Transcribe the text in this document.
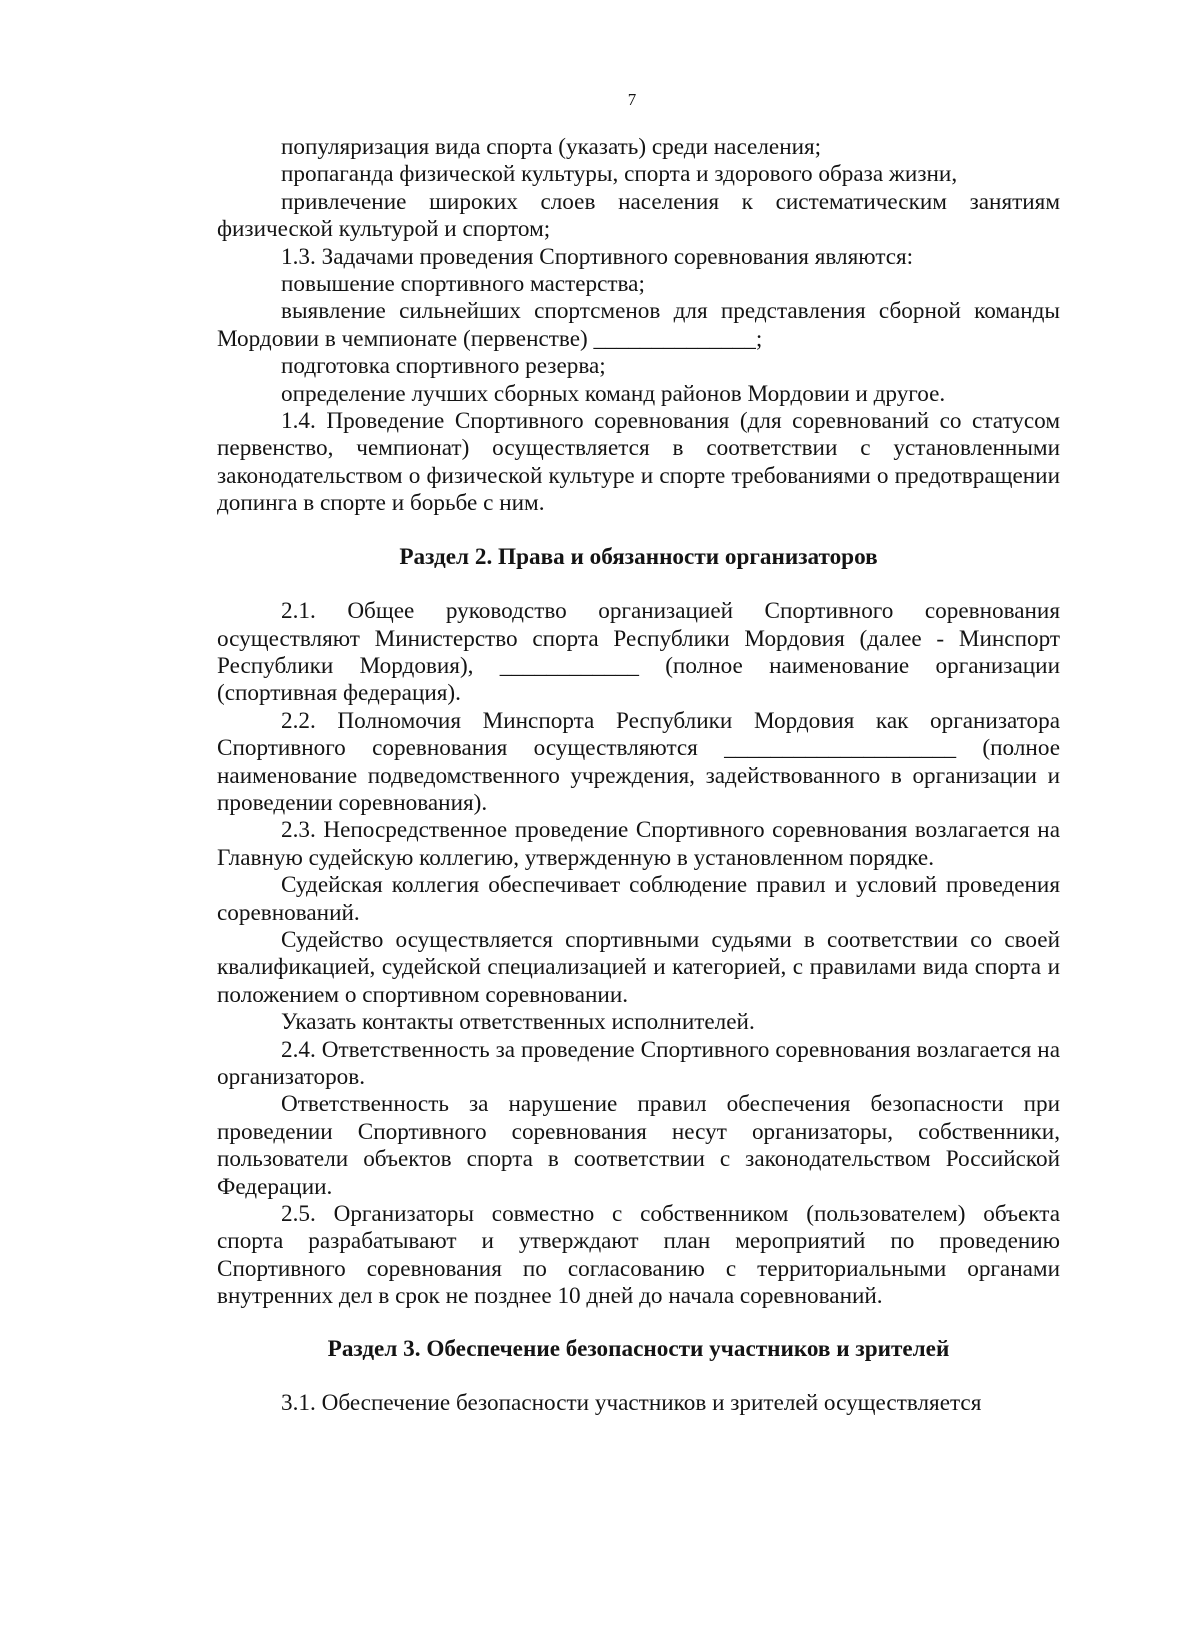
7

популяризация вида спорта (указать) среди населения;

пропаганда физической культуры, спорта и здорового образа жизни,

привлечение широких слоев населения к систематическим занятиям физической культурой и спортом;

1.3. Задачами проведения Спортивного соревнования являются:

повышение спортивного мастерства;

выявление сильнейших спортсменов для представления сборной команды Мордовии в чемпионате (первенстве) ______________;

подготовка спортивного резерва;

определение лучших сборных команд районов Мордовии и другое.

1.4. Проведение Спортивного соревнования (для соревнований со статусом первенство, чемпионат) осуществляется в соответствии с установленными законодательством о физической культуре и спорте требованиями о предотвращении допинга в спорте и борьбе с ним.

Раздел 2. Права и обязанности организаторов

2.1. Общее руководство организацией Спортивного соревнования осуществляют Министерство спорта Республики Мордовия (далее - Минспорт Республики Мордовия), ____________ (полное наименование организации (спортивная федерация).

2.2. Полномочия Минспорта Республики Мордовия как организатора Спортивного соревнования осуществляются ____________________ (полное наименование подведомственного учреждения, задействованного в организации и проведении соревнования).

2.3. Непосредственное проведение Спортивного соревнования возлагается на Главную судейскую коллегию, утвержденную в установленном порядке.

Судейская коллегия обеспечивает соблюдение правил и условий проведения соревнований.

Судейство осуществляется спортивными судьями в соответствии со своей квалификацией, судейской специализацией и категорией, с правилами вида спорта и положением о спортивном соревновании.

Указать контакты ответственных исполнителей.

2.4. Ответственность за проведение Спортивного соревнования возлагается на организаторов.

Ответственность за нарушение правил обеспечения безопасности при проведении Спортивного соревнования несут организаторы, собственники, пользователи объектов спорта в соответствии с законодательством Российской Федерации.

2.5. Организаторы совместно с собственником (пользователем) объекта спорта разрабатывают и утверждают план мероприятий по проведению Спортивного соревнования по согласованию с территориальными органами внутренних дел в срок не позднее 10 дней до начала соревнований.

Раздел 3. Обеспечение безопасности участников и зрителей

3.1. Обеспечение безопасности участников и зрителей осуществляется
